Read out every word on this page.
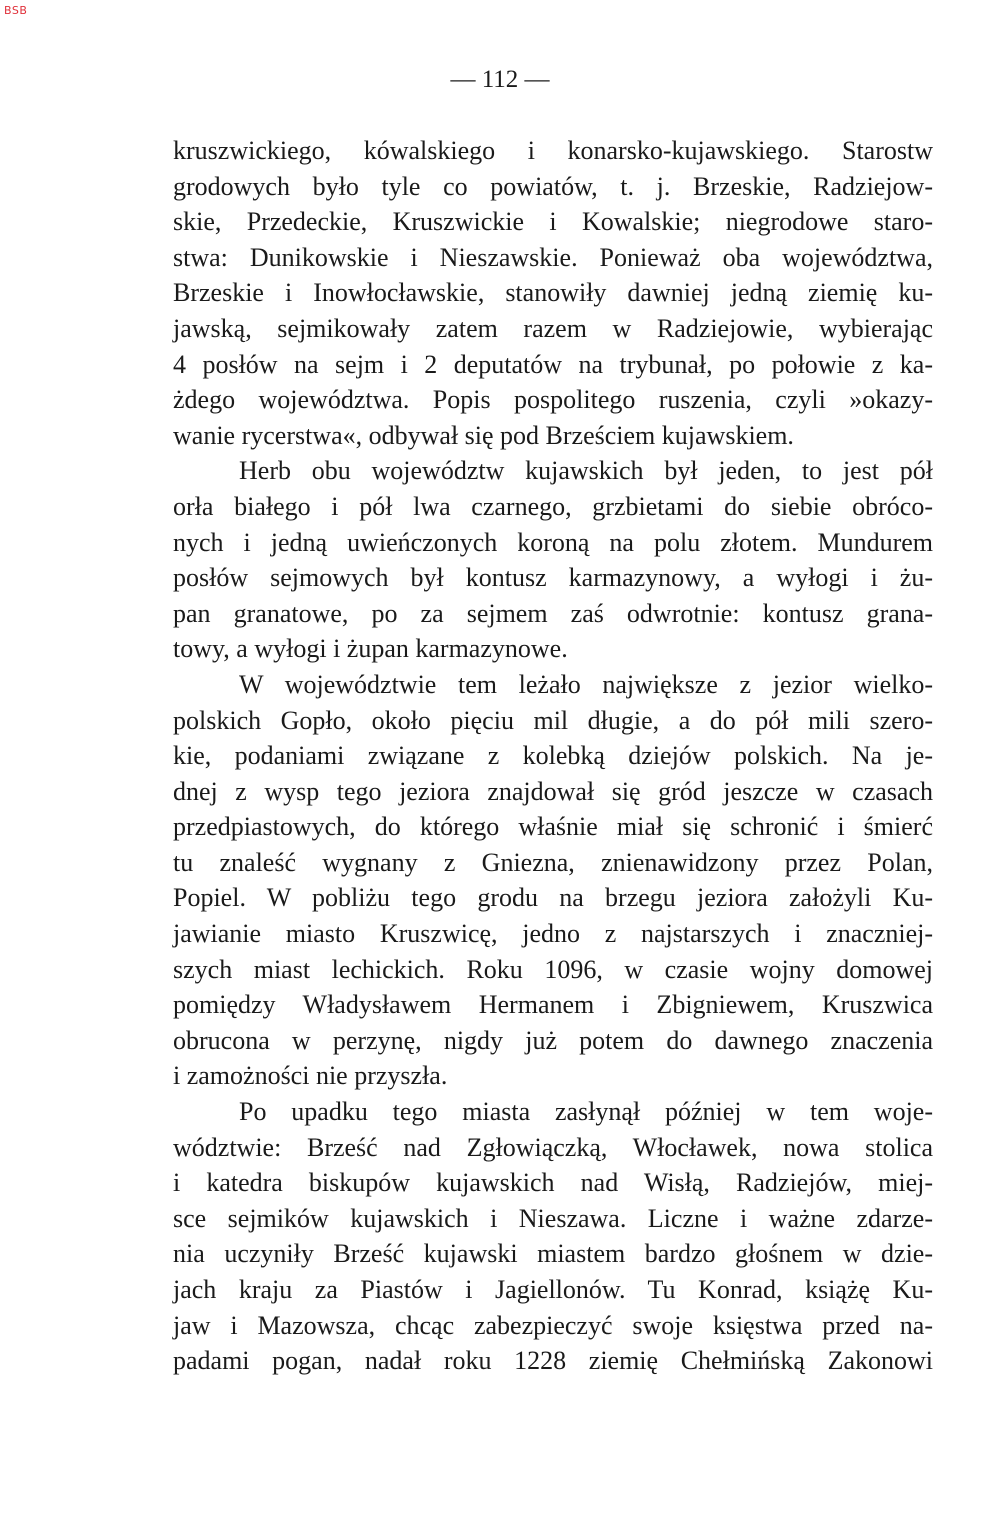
BSB
— 112 —
kruszwickiego, kówalskiego i konarsko-kujawskiego. Starostw
grodowych było tyle co powiatów, t. j. Brzeskie, Radziejow-
skie, Przedeckie, Kruszwickie i Kowalskie; niegrodowe staro-
stwa: Dunikowskie i Nieszawskie. Ponieważ oba województwa,
Brzeskie i Inowłocławskie, stanowiły dawniej jedną ziemię ku-
jawską, sejmikowały zatem razem w Radziejowie, wybierając
4 posłów na sejm i 2 deputatów na trybunał, po połowie z ka-
żdego województwa. Popis pospolitego ruszenia, czyli »okazy-
wanie rycerstwa«, odbywał się pod Brześciem kujawskiem.
Herb obu województw kujawskich był jeden, to jest pół
orła białego i pół lwa czarnego, grzbietami do siebie obróco-
nych i jedną uwieńczonych koroną na polu złotem. Mundurem
posłów sejmowych był kontusz karmazynowy, a wyłogi i żu-
pan granatowe, po za sejmem zaś odwrotnie: kontusz grana-
towy, a wyłogi i żupan karmazynowe.
W województwie tem leżało największe z jezior wielko-
polskich Gopło, około pięciu mil długie, a do pół mili szero-
kie, podaniami związane z kolebką dziejów polskich. Na je-
dnej z wysp tego jeziora znajdował się gród jeszcze w czasach
przedpiastowych, do którego właśnie miał się schronić i śmierć
tu znaleść wygnany z Gniezna, znienawidzony przez Polan,
Popiel. W pobliżu tego grodu na brzegu jeziora założyli Ku-
jawianie miasto Kruszwicę, jedno z najstarszych i znaczniej-
szych miast lechickich. Roku 1096, w czasie wojny domowej
pomiędzy Władysławem Hermanem i Zbigniewem, Kruszwica
obrucona w perzynę, nigdy już potem do dawnego znaczenia
i zamożności nie przyszła.
Po upadku tego miasta zasłynął później w tem woje-
wództwie: Brześć nad Zgłowiączką, Włocławek, nowa stolica
i katedra biskupów kujawskich nad Wisłą, Radziejów, miej-
sce sejmików kujawskich i Nieszawa. Liczne i ważne zdarze-
nia uczyniły Brześć kujawski miastem bardzo głośnem w dzie-
jach kraju za Piastów i Jagiellonów. Tu Konrad, książę Ku-
jaw i Mazowsza, chcąc zabezpieczyć swoje księstwa przed na-
padami pogan, nadał roku 1228 ziemię Chełmińską Zakonowi
